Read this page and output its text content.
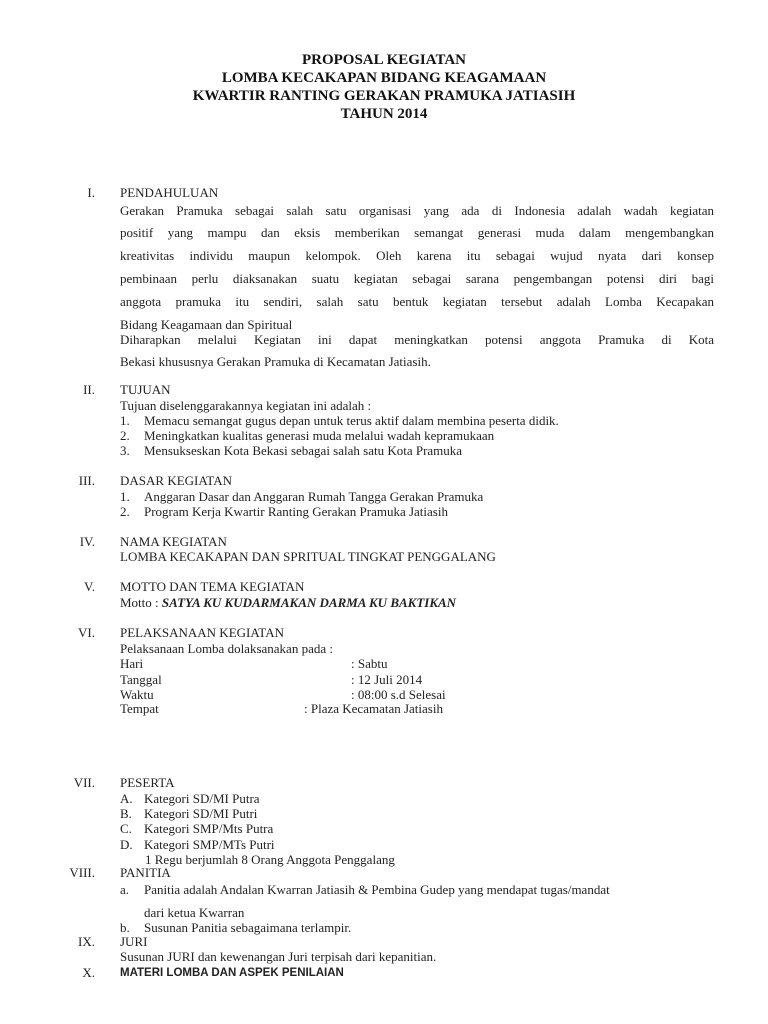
PROPOSAL KEGIATAN
LOMBA KECAKAPAN BIDANG KEAGAMAAN
KWARTIR RANTING GERAKAN PRAMUKA JATIASIH
TAHUN 2014
I. PENDAHULUAN
Gerakan Pramuka sebagai salah satu organisasi yang ada di Indonesia adalah wadah kegiatan
positif yang mampu dan eksis memberikan semangat generasi muda dalam mengembangkan
kreativitas individu maupun kelompok. Oleh karena itu sebagai wujud nyata dari konsep
pembinaan perlu diaksanakan suatu kegiatan sebagai sarana pengembangan potensi diri bagi
anggota pramuka itu sendiri, salah satu bentuk kegiatan tersebut adalah Lomba Kecapakan
Bidang Keagamaan dan Spiritual
Diharapkan melalui Kegiatan ini dapat meningkatkan potensi anggota Pramuka di Kota
Bekasi khususnya Gerakan Pramuka di Kecamatan Jatiasih.
II. TUJUAN
Tujuan diselenggarakannya kegiatan ini adalah :
1. Memacu semangat gugus depan untuk terus aktif dalam membina peserta didik.
2. Meningkatkan kualitas generasi muda melalui wadah kepramukaan
3. Mensukseskan Kota Bekasi sebagai salah satu Kota Pramuka
III. DASAR KEGIATAN
1. Anggaran Dasar dan Anggaran Rumah Tangga Gerakan Pramuka
2. Program Kerja Kwartir Ranting Gerakan Pramuka Jatiasih
IV. NAMA KEGIATAN
LOMBA KECAKAPAN DAN SPRITUAL TINGKAT PENGGALANG
V. MOTTO DAN TEMA KEGIATAN
Motto : SATYA KU KUDARMAKAN DARMA KU BAKTIKAN
VI. PELAKSANAAN KEGIATAN
Pelaksanaan Lomba dolaksanakan pada :
Hari	: Sabtu
Tanggal	: 12 Juli 2014
Waktu	: 08:00 s.d Selesai
Tempat	: Plaza Kecamatan Jatiasih
VII. PESERTA
A. Kategori SD/MI Putra
B. Kategori SD/MI Putri
C. Kategori SMP/Mts Putra
D. Kategori SMP/MTs Putri
1 Regu berjumlah 8 Orang Anggota Penggalang
VIII. PANITIA
a. Panitia adalah Andalan Kwarran Jatiasih & Pembina Gudep yang mendapat tugas/mandat
dari ketua Kwarran
b. Susunan Panitia sebagaimana terlampir.
IX. JURI
Susunan JURI dan kewenangan Juri terpisah dari kepanitian.
X. MATERI LOMBA DAN ASPEK PENILAIAN
